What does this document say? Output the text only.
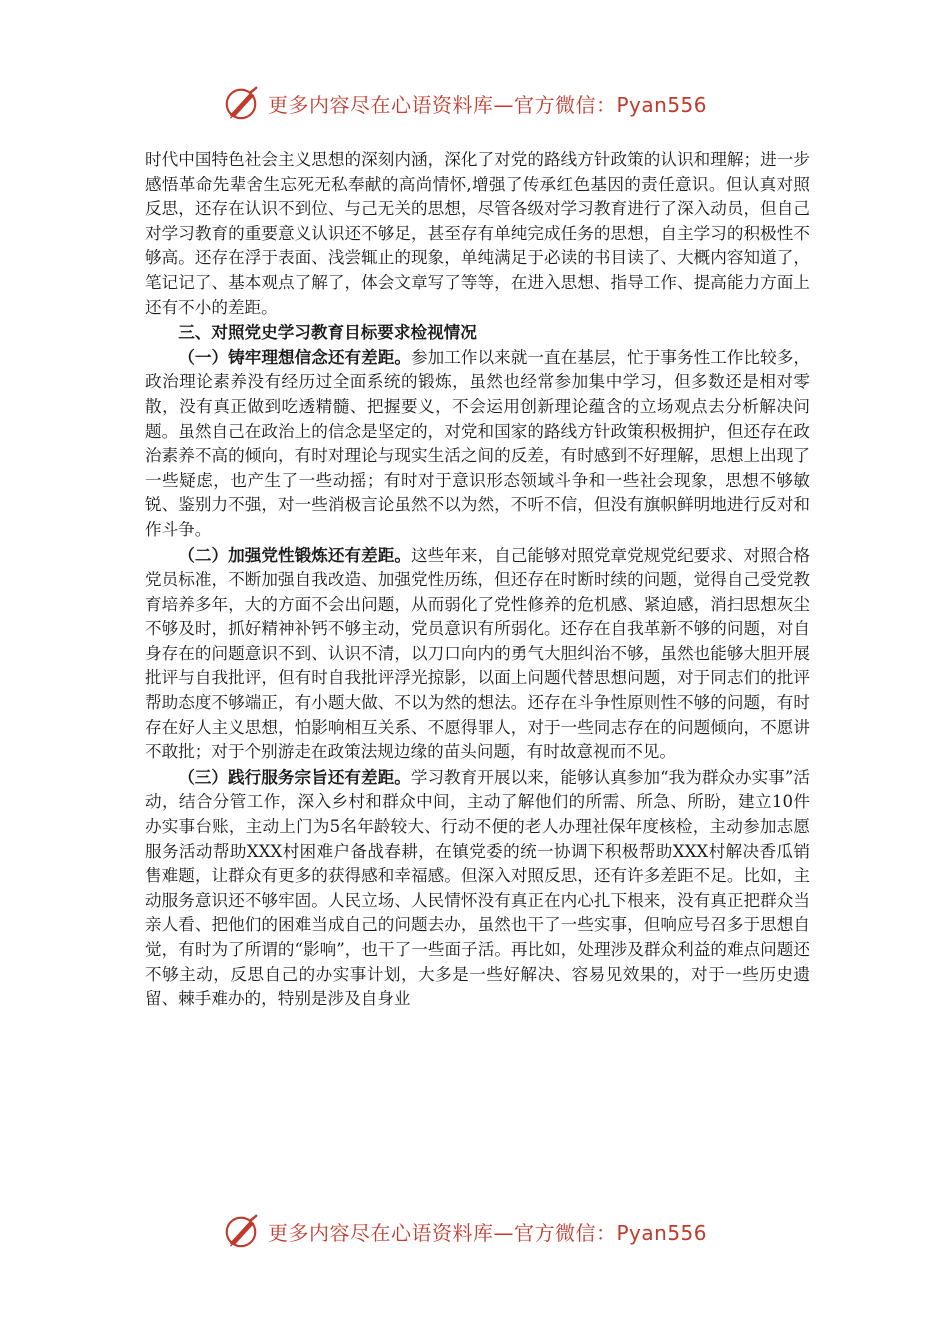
更多内容尽在心语资料库—官方微信：Pyan556

时代中国特色社会主义思想的深刻内涵，深化了对党的路线方针政策的认识和理解；进一步感悟革命先辈舍生忘死无私奉献的高尚情怀,增强了传承红色基因的责任意识。但认真对照反思，还存在认识不到位、与己无关的思想，尽管各级对学习教育进行了深入动员，但自己对学习教育的重要意义认识还不够足，甚至存有单纯完成任务的思想，自主学习的积极性不够高。还存在浮于表面、浅尝辄止的现象，单纯满足于必读的书目读了、大概内容知道了，笔记记了、基本观点了解了，体会文章写了等等，在进入思想、指导工作、提高能力方面上还有不小的差距。

三、对照党史学习教育目标要求检视情况

（一）铸牢理想信念还有差距。参加工作以来就一直在基层，忙于事务性工作比较多，政治理论素养没有经历过全面系统的锻炼，虽然也经常参加集中学习，但多数还是相对零散，没有真正做到吃透精髓、把握要义，不会运用创新理论蕴含的立场观点去分析解决问题。虽然自己在政治上的信念是坚定的，对党和国家的路线方针政策积极拥护，但还存在政治素养不高的倾向，有时对理论与现实生活之间的反差，有时感到不好理解，思想上出现了一些疑虑，也产生了一些动摇；有时对于意识形态领域斗争和一些社会现象，思想不够敏锐、鉴别力不强，对一些消极言论虽然不以为然，不听不信，但没有旗帜鲜明地进行反对和作斗争。

（二）加强党性锻炼还有差距。这些年来，自己能够对照党章党规党纪要求、对照合格党员标准，不断加强自我改造、加强党性历练，但还存在时断时续的问题，觉得自己受党教育培养多年，大的方面不会出问题，从而弱化了党性修养的危机感、紧迫感，消扫思想灰尘不够及时，抓好精神补钙不够主动，党员意识有所弱化。还存在自我革新不够的问题，对自身存在的问题意识不到、认识不清，以刀口向内的勇气大胆纠治不够，虽然也能够大胆开展批评与自我批评，但有时自我批评浮光掠影，以面上问题代替思想问题，对于同志们的批评帮助态度不够端正，有小题大做、不以为然的想法。还存在斗争性原则性不够的问题，有时存在好人主义思想，怕影响相互关系、不愿得罪人，对于一些同志存在的问题倾向，不愿讲不敢批；对于个别游走在政策法规边缘的苗头问题，有时故意视而不见。

（三）践行服务宗旨还有差距。学习教育开展以来，能够认真参加“我为群众办实事”活动，结合分管工作，深入乡村和群众中间，主动了解他们的所需、所急、所盼，建立10件办实事台账，主动上门为5名年龄较大、行动不便的老人办理社保年度核检，主动参加志愿服务活动帮助XXX村困难户备战春耕，在镇党委的统一协调下积极帮助XXX村解决香瓜销售难题，让群众有更多的获得感和幸福感。但深入对照反思，还有许多差距不足。比如，主动服务意识还不够牢固。人民立场、人民情怀没有真正在内心扎下根来，没有真正把群众当亲人看、把他们的困难当成自己的问题去办，虽然也干了一些实事，但响应号召多于思想自觉，有时为了所谓的“影响”，也干了一些面子活。再比如，处理涉及群众利益的难点问题还不够主动，反思自己的办实事计划，大多是一些好解决、容易见效果的，对于一些历史遗留、棘手难办的，特别是涉及自身业

更多内容尽在心语资料库—官方微信：Pyan556
